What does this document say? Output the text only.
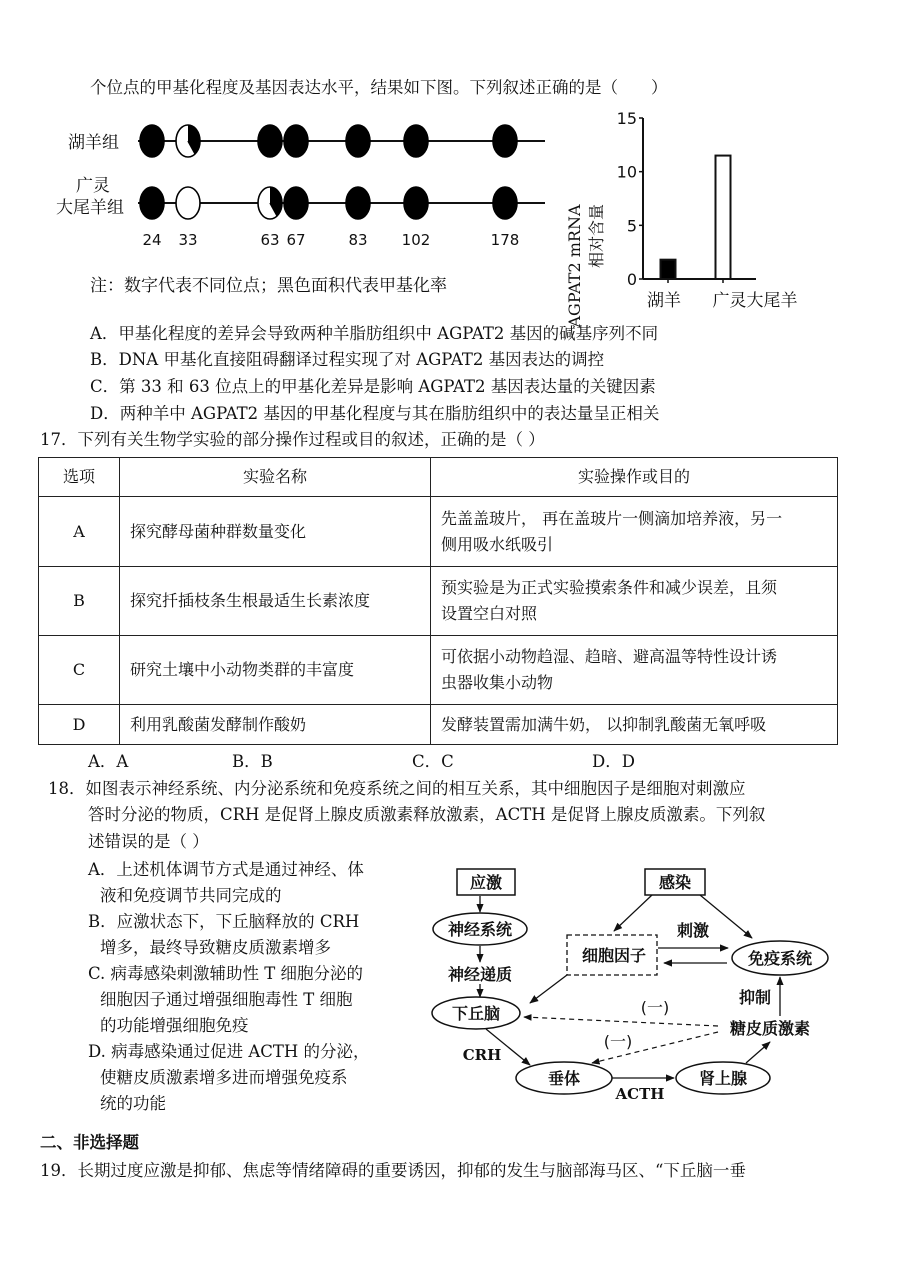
个位点的甲基化程度及基因表达水平，结果如下图。下列叙述正确的是（　　）
湖羊组
广灵
大尾羊组
24 33	63 67	83 102	178
注：数字代表不同位点；黑色面积代表甲基化率	0
5
10
15
湖羊 广灵大尾羊
AGPAT2 mRNA 相对含量
A．甲基化程度的差异会导致两种羊脂肪组织中 AGPAT2 基因的碱基序列不同
B．DNA 甲基化直接阻碍翻译过程实现了对 AGPAT2 基因表达的调控
C．第 33 和 63 位点上的甲基化差异是影响 AGPAT2 基因表达量的关键因素
D．两种羊中 AGPAT2 基因的甲基化程度与其在脂肪组织中的表达量呈正相关
17．下列有关生物学实验的部分操作过程或目的叙述，正确的是（ ）
选项	实验名称	实验操作或目的
A	探究酵母菌种群数量变化	先盖盖玻片， 再在盖玻片一侧滴加培养液，另一
侧用吸水纸吸引

B	探究扦插枝条生根最适生长素浓度	预实验是为正式实验摸索条件和减少误差，且须
设置空白对照

C	研究土壤中小动物类群的丰富度	可依据小动物趋湿、趋暗、避高温等特性设计诱
虫器收集小动物

D	利用乳酸菌发酵制作酸奶	发酵装置需加满牛奶， 以抑制乳酸菌无氧呼吸
A．A	B．B	C．C	D．D
18．如图表示神经系统、内分泌系统和免疫系统之间的相互关系，其中细胞因子是细胞对刺激应
答时分泌的物质，CRH 是促肾上腺皮质激素释放激素，ACTH 是促肾上腺皮质激素。下列叙
述错误的是（ ）
A．上述机体调节方式是通过神经、体
液和免疫调节共同完成的
B．应激状态下，下丘脑释放的 CRH
增多，最终导致糖皮质激素增多
C. 病毒感染刺激辅助性 T 细胞分泌的
细胞因子通过增强细胞毒性 T 细胞
的功能增强细胞免疫
D. 病毒感染通过促进 ACTH 的分泌，
使糖皮质激素增多进而增强免疫系
统的功能
应激	感染
神经系统
神经递质
下丘脑
细胞因子
刺激
免疫系统
抑制
糖皮质激素
(一)
(一)
CRH
垂体
ACTH
肾上腺
二、非选择题
19．长期过度应激是抑郁、焦虑等情绪障碍的重要诱因，抑郁的发生与脑部海马区、“下丘脑一垂
